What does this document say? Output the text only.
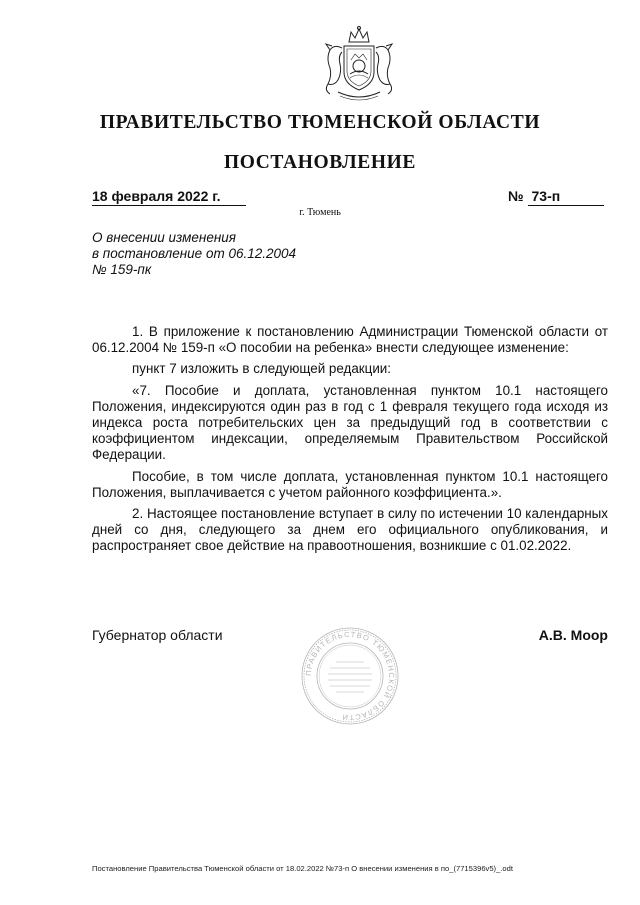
ПРАВИТЕЛЬСТВО ТЮМЕНСКОЙ ОБЛАСТИ
ПОСТАНОВЛЕНИЕ
18 февраля 2022 г.	№ 73-п
г. Тюмень
О внесении изменения
в постановление от 06.12.2004
№ 159-пк

1. В приложение к постановлению Администрации Тюменской области от 06.12.2004 № 159-п «О пособии на ребенка» внести следующее изменение:

пункт 7 изложить в следующей редакции:

«7. Пособие и доплата, установленная пунктом 10.1 настоящего Положения, индексируются один раз в год с 1 февраля текущего года исходя из индекса роста потребительских цен за предыдущий год в соответствии с коэффициентом индексации, определяемым Правительством Российской Федерации.

Пособие, в том числе доплата, установленная пунктом 10.1 настоящего Положения, выплачивается с учетом районного коэффициента.».

2. Настоящее постановление вступает в силу по истечении 10 календарных дней со дня, следующего за днем его официального опубликования, и распространяет свое действие на правоотношения, возникшие с 01.02.2022.

Губернатор области
ПРАВИТЕЛЬСТВО ТЮМЕНСКОЙ ОБЛАСТИ
А.В. Моор
Постановление Правительства Тюменской области от 18.02.2022 №73-п О внесении изменения в по_(7715396v5)_.odt
